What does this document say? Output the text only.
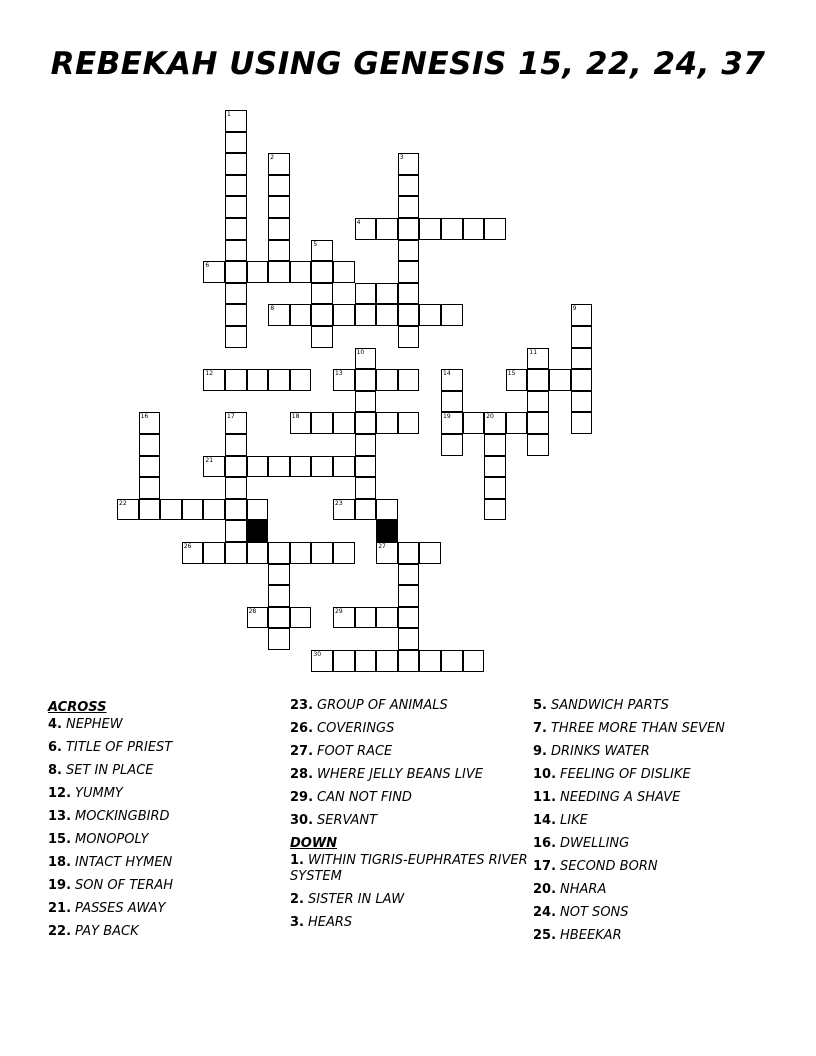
REBEKAH USING GENESIS 15, 22, 24, 37
1
2	3
4
5
6
8	9
10	11
12	13	14
19
15
16	17	18	20
21
22	23
26	27
28	29
30
ACROSS
4. NEPHEW
6. TITLE OF PRIEST
8. SET IN PLACE
12. YUMMY
13. MOCKINGBIRD
15. MONOPOLY
18. INTACT HYMEN
19. SON OF TERAH
21. PASSES AWAY
22. PAY BACK
23. GROUP OF ANIMALS
26. COVERINGS
27. FOOT RACE
28. WHERE JELLY BEANS LIVE
29. CAN NOT FIND
30. SERVANT
DOWN
1. WITHIN TIGRIS-EUPHRATES RIVER SYSTEM
2. SISTER IN LAW
3. HEARS
5. SANDWICH PARTS
7. THREE MORE THAN SEVEN
9. DRINKS WATER
10. FEELING OF DISLIKE
11. NEEDING A SHAVE
14. LIKE
16. DWELLING
17. SECOND BORN
20. NHARA
24. NOT SONS
25. HBEEKAR
